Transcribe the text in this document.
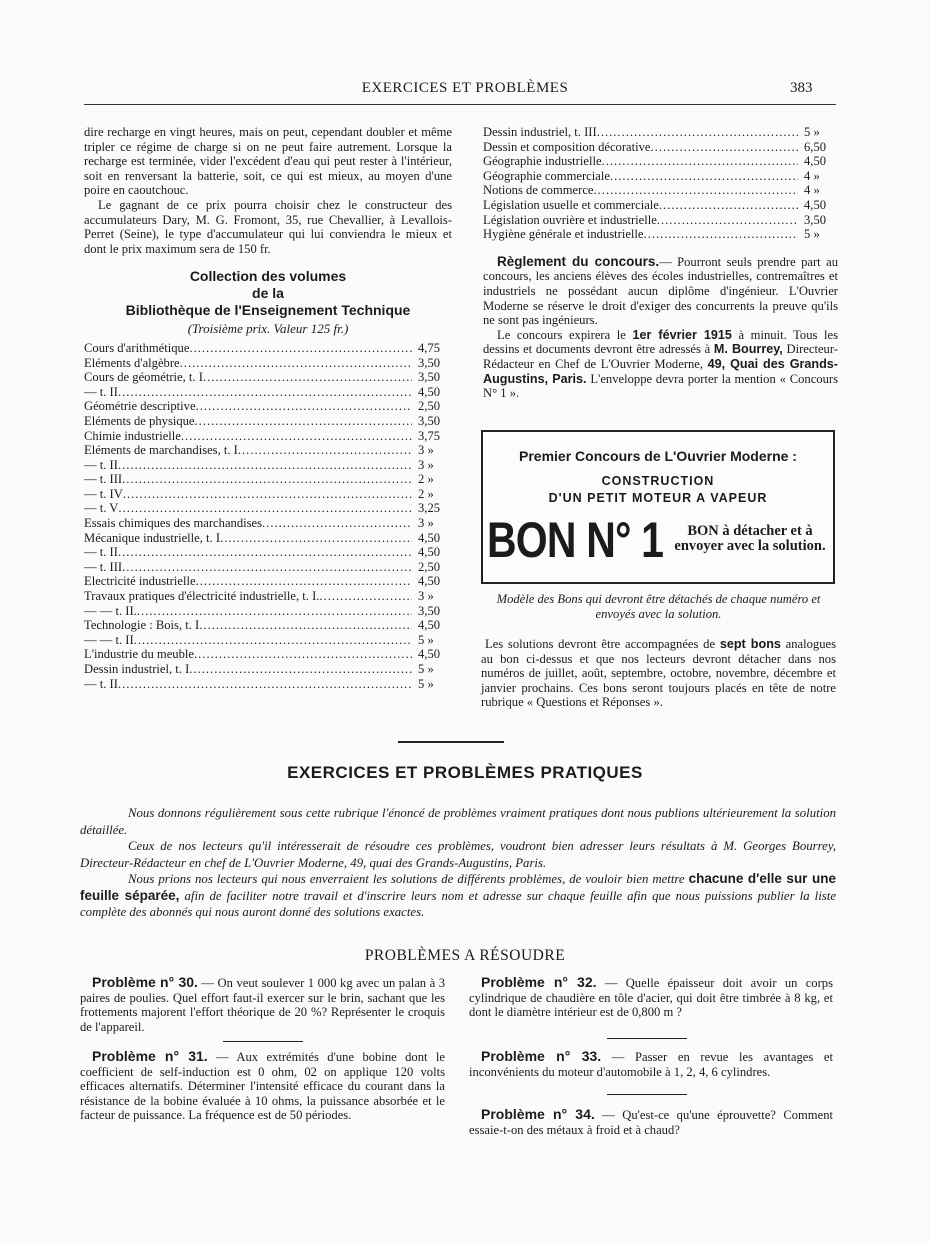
EXERCICES ET PROBLÈMES	383

dire recharge en vingt heures, mais on peut, cependant doubler et même tripler ce régime de charge si on ne peut faire autrement. Lorsque la recharge est terminée, vider l'excédent d'eau qui peut rester à l'intérieur, soit en renversant la batterie, soit, ce qui est mieux, au moyen d'une poire en caoutchouc.

Le gagnant de ce prix pourra choisir chez le constructeur des accumulateurs Dary, M. G. Fromont, 35, rue Chevallier, à Levallois-Perret (Seine), le type d'accumulateur qui lui conviendra le mieux et dont le prix maximum sera de 150 fr.

Collection des volumes
de la
Bibliothèque de l'Enseignement Technique
(Troisième prix. Valeur 125 fr.)
Cours d'arithmétique .....	4,75
Eléments d'algèbre .....	3,50
Cours de géométrie, t. I .....	3,50
— t. II .....	4,50
Géométrie descriptive .....	2,50
Eléments de physique .....	3,50
Chimie industrielle .....	3,75
Eléments de marchandises, t. I .....	3 »
— t. II .....	3 »
— t. III .....	2 »
— t. IV .....	2 »
— t. V .....	3,25
Essais chimiques des marchandises .....	3 »
Mécanique industrielle, t. I .....	4,50
— t. II .....	4,50
— t. III .....	2,50
Electricité industrielle .....	4,50
Travaux pratiques d'électricité industrielle, t. I. .....	3 »
— — t. II. .....	3,50
Technologie : Bois, t. I .....	4,50
— — t. II .....	5 »
L'industrie du meuble .....	4,50
Dessin industriel, t. I .....	5 »
— t. II .....	5 »
Dessin industriel, t. III .....	5 »
Dessin et composition décorative .....	6,50
Géographie industrielle .....	4,50
Géographie commerciale .....	4 »
Notions de commerce .....	4 »
Législation usuelle et commerciale .....	4,50
Législation ouvrière et industrielle .....	3,50
Hygiène générale et industrielle .....	5 »

Règlement du concours.— Pourront seuls prendre part au concours, les anciens élèves des écoles industrielles, contremaîtres et industriels ne possédant aucun diplôme d'ingénieur. L'Ouvrier Moderne se réserve le droit d'exiger des concurrents la preuve qu'ils ne sont pas ingénieurs.

Le concours expirera le 1er février 1915 à minuit. Tous les dessins et documents devront être adressés à M. Bourrey, Directeur-Rédacteur en Chef de L'Ouvrier Moderne, 49, Quai des Grands-Augustins, Paris. L'enveloppe devra porter la mention « Concours N° 1 ».

Premier Concours de L'Ouvrier Moderne :
CONSTRUCTION
D'UN PETIT MOTEUR A VAPEUR
BON N° 1	BON à détacher et à envoyer avec la solution.
Modèle des Bons qui devront être détachés de chaque numéro et envoyés avec la solution.

Les solutions devront être accompagnées de sept bons analogues au bon ci-dessus et que nos lecteurs devront détacher dans nos numéros de juillet, août, septembre, octobre, novembre, décembre et janvier prochains. Ces bons seront toujours placés en tête de notre rubrique « Questions et Réponses ».

EXERCICES ET PROBLÈMES PRATIQUES

Nous donnons régulièrement sous cette rubrique l'énoncé de problèmes vraiment pratiques dont nous publions ultérieurement la solution détaillée.

Ceux de nos lecteurs qu'il intéresserait de résoudre ces problèmes, voudront bien adresser leurs résultats à M. Georges Bourrey, Directeur-Rédacteur en chef de L'Ouvrier Moderne, 49, quai des Grands-Augustins, Paris.

Nous prions nos lecteurs qui nous enverraient les solutions de différents problèmes, de vouloir bien mettre chacune d'elle sur une feuille séparée, afin de faciliter notre travail et d'inscrire leurs nom et adresse sur chaque feuille afin que nous puissions publier la liste complète des abonnés qui nous auront donné des solutions exactes.

PROBLÈMES A RÉSOUDRE

Problème n° 30. — On veut soulever 1 000 kg avec un palan à 3 paires de poulies. Quel effort faut-il exercer sur le brin, sachant que les frottements majorent l'effort théorique de 20 %? Représenter le croquis de l'appareil.

Problème n° 31. — Aux extrémités d'une bobine dont le coefficient de self-induction est 0 ohm, 02 on applique 120 volts efficaces alternatifs. Déterminer l'intensité efficace du courant dans la résistance de la bobine évaluée à 10 ohms, la puissance absorbée et le facteur de puissance. La fréquence est de 50 périodes.

Problème n° 32. — Quelle épaisseur doit avoir un corps cylindrique de chaudière en tôle d'acier, qui doit être timbrée à 8 kg, et dont le diamètre intérieur est de 0,800 m ?

Problème n° 33. — Passer en revue les avantages et inconvénients du moteur d'automobile à 1, 2, 4, 6 cylindres.

Problème n° 34. — Qu'est-ce qu'une éprouvette? Comment essaie-t-on des métaux à froid et à chaud?
